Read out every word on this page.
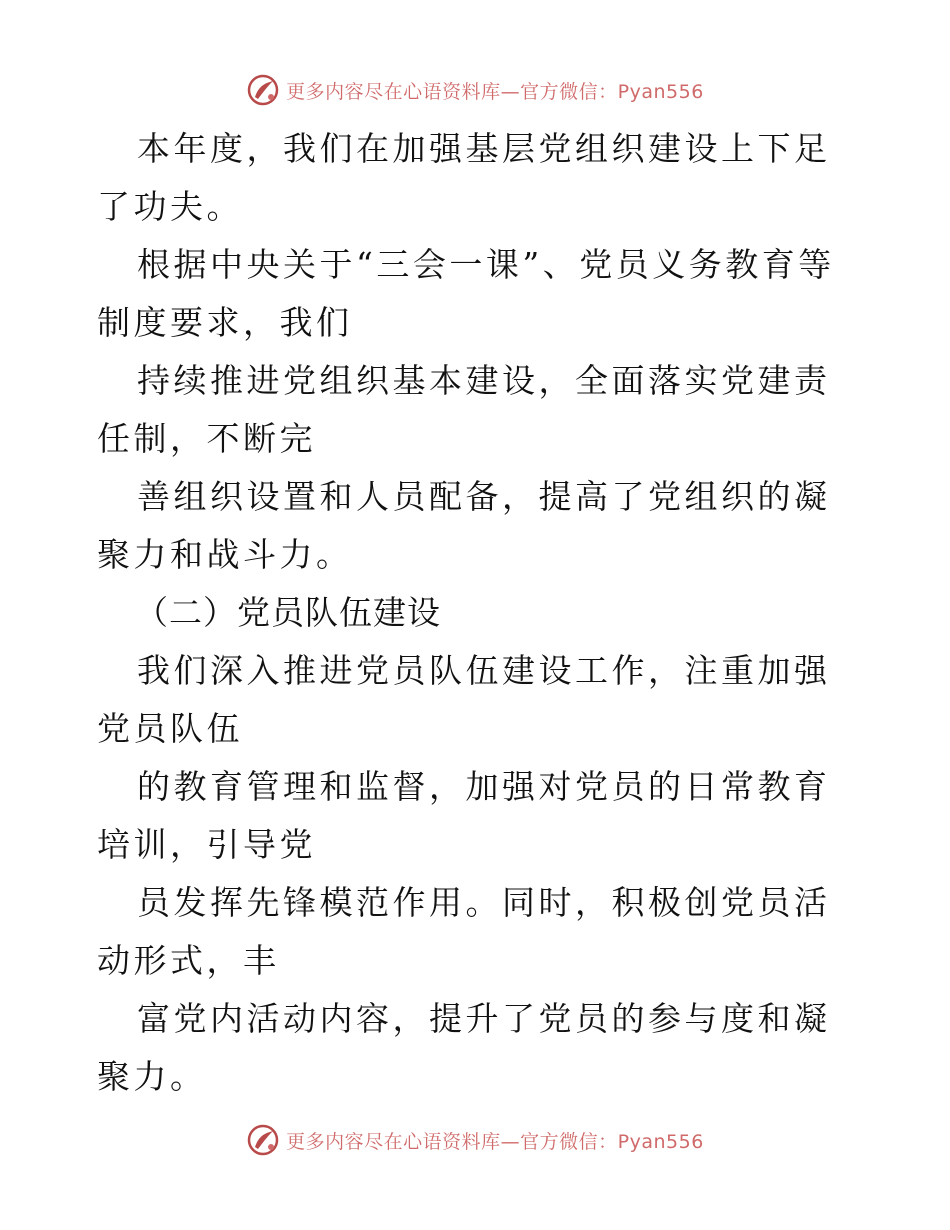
更多内容尽在心语资料库—官方微信：Pyan556

本年度，我们在加强基层党组织建设上下足了功夫。

根据中央关于“三会一课”、党员义务教育等制度要求，我们

持续推进党组织基本建设，全面落实党建责任制，不断完

善组织设置和人员配备，提高了党组织的凝聚力和战斗力。

（二）党员队伍建设

我们深入推进党员队伍建设工作，注重加强党员队伍

的教育管理和监督，加强对党员的日常教育培训，引导党

员发挥先锋模范作用。同时，积极创党员活动形式，丰

富党内活动内容，提升了党员的参与度和凝聚力。

更多内容尽在心语资料库—官方微信：Pyan556
